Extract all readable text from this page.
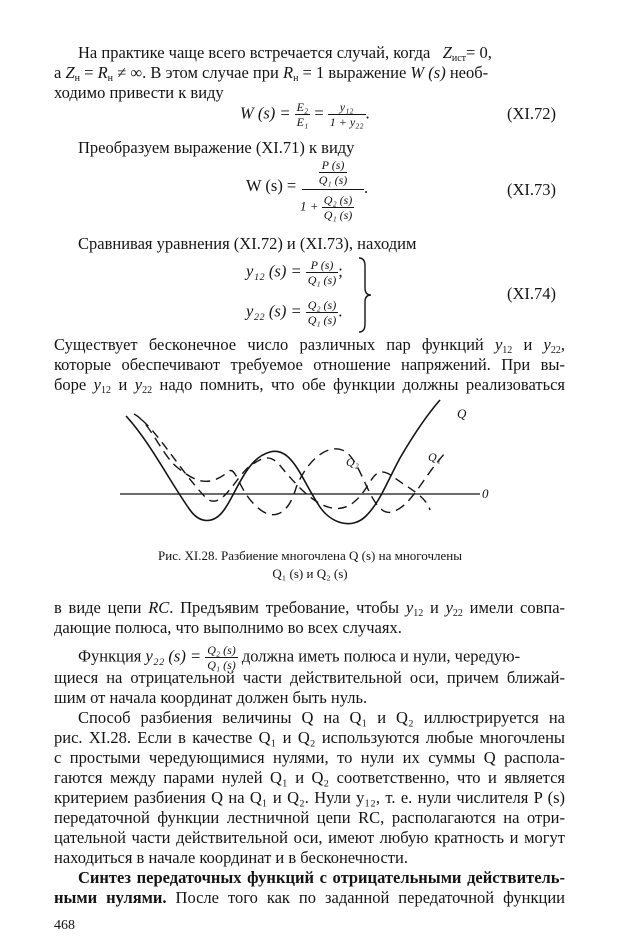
На практике чаще всего встречается случай, когда $Z_{ист}= 0$,
а $Z_н = R_н$ ≠ ∞. В этом случае при $R_н = 1$ выражение W (s) необ-
ходимо привести к виду
W $(s) = \frac{\text{E₂}}{\text{E₁}} = \frac{\text{y₁₂}}{\text{1 + y₂₂}}$ .	(XI.72)
Преобразуем выражение (XI.71) к виду
W $(s) = \frac{P (s)}{\text{Q₁ (s)}}$
$1 + \frac{\text{Q₂ (s)}}{\text{Q₁ (s)}}$
.	(XI.73)
Сравнивая уравнения (XI.72) и (XI.73), находим
y₁₂ $(s) = \frac{P (s)}{\text{Q₁ (s)}}$ ;
y₂₂ $(s) = \frac{\text{Q₂ (s)}}{\text{Q₁ (s)}}$ .
(XI.74)
Существует бесконечное число различных пар функций $y_{12}$ и $y_{22}$,
которые обеспечивают требуемое отношение напряжений. При вы-
боре $y_{12}$ и $y_{22}$ надо помнить, что обе функции должны реализоваться
Q
Q₂	Q₁
0
Рис. XI.28. Разбиение многочлена Q (s) на многочлены
Q₁ (s) и Q₂ (s)
в виде цепи RC. Предъявим требование, чтобы $y_{12}$ и $y_{22}$ имели совпа-
дающие полюса, что выполнимо во всех случаях.
Функция y₂₂ $(s) = \frac{\text{Q₂ (s)}}{\text{Q₁ (s)}}$ должна иметь полюса и нули, чередую-
щиеся на отрицательной части действительной оси, причем ближай-
шим от начала координат должен быть нуль.
Способ разбиения величины Q на Q₁ и Q₂ иллюстрируется на
рис. XI.28. Если в качестве Q₁ и Q₂ используются любые многочлены
с простыми чередующимися нулями, то нули их суммы Q распола-
гаются между парами нулей Q₁ и Q₂ соответственно, что и является
критерием разбиения Q на Q₁ и Q₂. Нули y₁₂, т. е. нули числителя P (s)
передаточной функции лестничной цепи RC, располагаются на отри-
цательной части действительной оси, имеют любую кратность и могут
находиться в начале координат и в бесконечности.
Синтез передаточных функций с отрицательными действитель-
ными нулями. После того как по заданной передаточной функции
468
